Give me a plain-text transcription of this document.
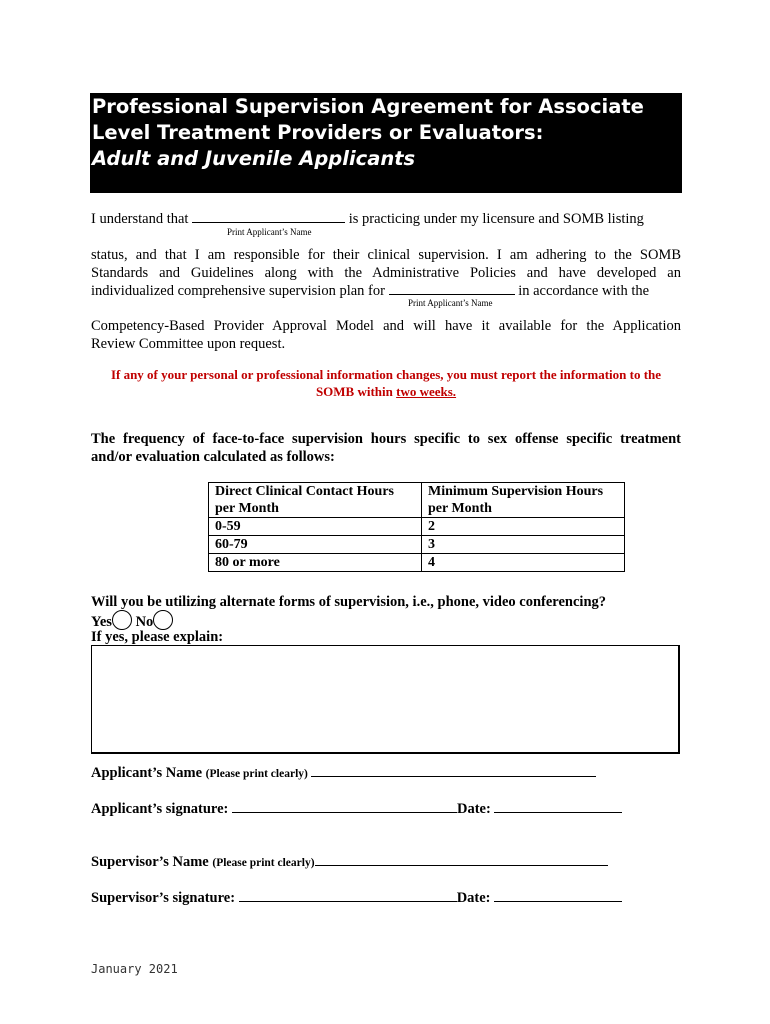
Professional Supervision Agreement for Associate
Level Treatment Providers or Evaluators:
Adult and Juvenile Applicants
I understand that	is practicing under my licensure and SOMB listing
Print Applicant’s Name
status, and that I am responsible for their clinical supervision. I am adhering to the SOMB
Standards and Guidelines along with the Administrative Policies and have developed an
individualized comprehensive supervision plan for	in accordance with the
Print Applicant’s Name
Competency-Based Provider Approval Model and will have it available for the Application
Review Committee upon request.
If any of your personal or professional information changes, you must report the information to the
SOMB within two weeks.
The frequency of face-to-face supervision hours specific to sex offense specific treatment
and/or evaluation calculated as follows:
Direct Clinical Contact Hours per Month	Minimum Supervision Hours per Month
0-59	2
60-79	3
80 or more	4
Will you be utilizing alternate forms of supervision, i.e., phone, video conferencing?
Yes No
If yes, please explain:
Applicant’s Name (Please print clearly)
Applicant’s signature:	Date:
Supervisor’s Name (Please print clearly)
Supervisor’s signature:	Date:
January 2021
